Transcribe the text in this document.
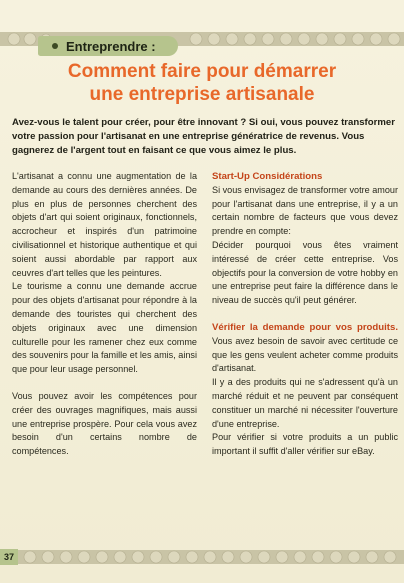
Entreprendre :
Comment faire pour démarrer
une entreprise artisanale
Avez-vous le talent pour créer, pour être innovant ? Si oui, vous pouvez transformer votre passion pour l'artisanat en une entreprise génératrice de revenus. Vous gagnerez de l'argent tout en faisant ce que vous aimez le plus.

L'artisanat a connu une augmentation de la demande au cours des dernières années. De plus en plus de personnes cherchent des objets d'art qui soient originaux, fonctionnels, accrocheur et inspirés d'un patrimoine civilisationnel et historique authentique et qui soient aussi abordable par rapport aux ceuvres d'art telles que les peintures.

Le tourisme a connu une demande accrue pour des objets d'artisanat pour répondre à la demande des touristes qui cherchent des objets originaux avec une dimension culturelle pour les ramener chez eux comme des souvenirs pour la famille et les amis, ainsi que pour leur usage personnel.

Vous pouvez avoir les compétences pour créer des ouvrages magnifiques, mais aussi une entreprise prospère. Pour cela vous avez besoin d'un certains nombre de compétences.

Start-Up Considérations

Si vous envisagez de transformer votre amour pour l'artisanat dans une entreprise, il y a un certain nombre de facteurs que vous devez prendre en compte:

Décider pourquoi vous êtes vraiment intéressé de créer cette entreprise. Vos objectifs pour la conversion de votre hobby en une entreprise peut faire la différence dans le niveau de succès qu'il peut générer.

Vérifier la demande pour vos produits.

Vous avez besoin de savoir avec certitude ce que les gens veulent acheter comme produits d'artisanat.

Il y a des produits qui ne s'adressent qu'à un marché réduit et ne peuvent par conséquent constituer un marché ni nécessiter l'ouverture d'une entreprise.

Pour vérifier si votre produits a un public important il suffit d'aller vérifier sur eBay.

37
